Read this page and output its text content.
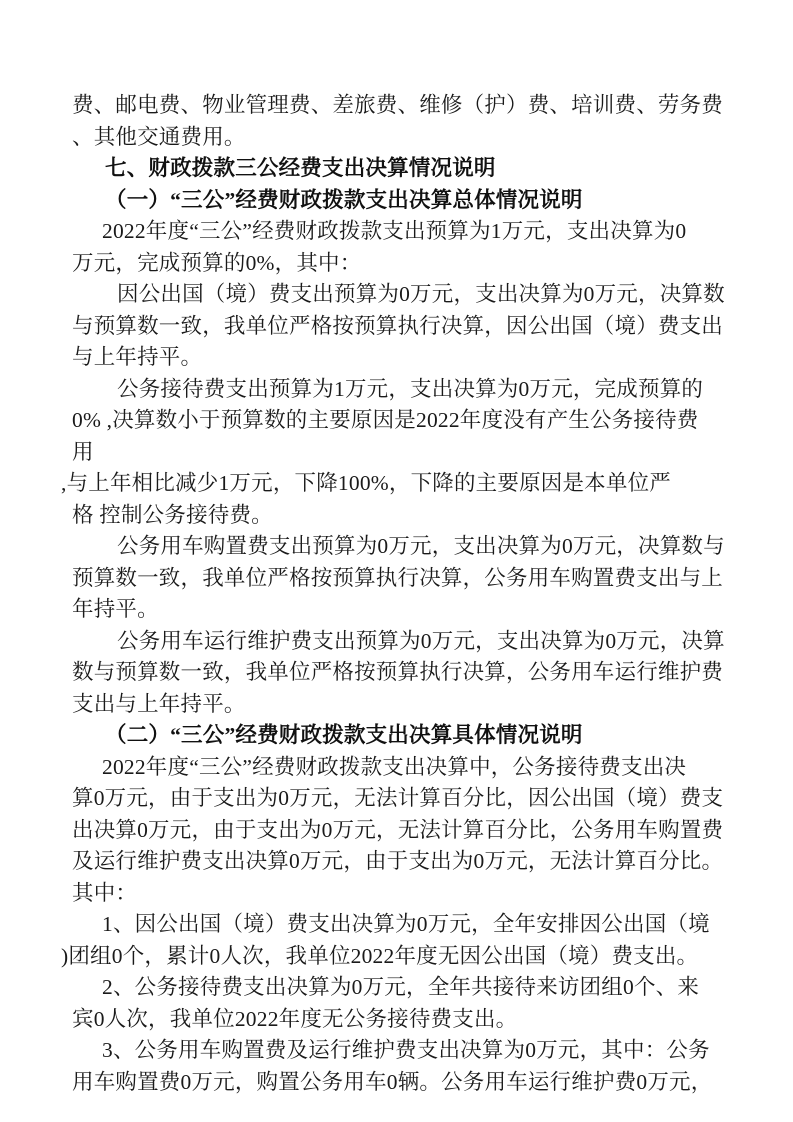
费、邮电费、物业管理费、差旅费、维修（护）费、培训费、劳务费
、其他交通费用。
七、财政拨款三公经费支出决算情况说明
（一）“三公”经费财政拨款支出决算总体情况说明
2022年度“三公”经费财政拨款支出预算为1万元，支出决算为0
万元，完成预算的0%，其中：
因公出国（境）费支出预算为0万元，支出决算为0万元，决算数
与预算数一致，我单位严格按预算执行决算，因公出国（境）费支出
与上年持平。
公务接待费支出预算为1万元，支出决算为0万元，完成预算的
0% ,决算数小于预算数的主要原因是2022年度没有产生公务接待费
用
,与上年相比减少1万元，下降100%，下降的主要原因是本单位严
格 控制公务接待费。
公务用车购置费支出预算为0万元，支出决算为0万元，决算数与
预算数一致，我单位严格按预算执行决算，公务用车购置费支出与上
年持平。
公务用车运行维护费支出预算为0万元，支出决算为0万元，决算
数与预算数一致，我单位严格按预算执行决算，公务用车运行维护费
支出与上年持平。
（二）“三公”经费财政拨款支出决算具体情况说明
2022年度“三公”经费财政拨款支出决算中，公务接待费支出决
算0万元，由于支出为0万元，无法计算百分比，因公出国（境）费支
出决算0万元，由于支出为0万元，无法计算百分比，公务用车购置费
及运行维护费支出决算0万元，由于支出为0万元，无法计算百分比。
其中：
1、因公出国（境）费支出决算为0万元，全年安排因公出国（境
)团组0个，累计0人次，我单位2022年度无因公出国（境）费支出。
2、公务接待费支出决算为0万元，全年共接待来访团组0个、来
宾0人次，我单位2022年度无公务接待费支出。
3、公务用车购置费及运行维护费支出决算为0万元，其中：公务
用车购置费0万元，购置公务用车0辆。公务用车运行维护费0万元，
